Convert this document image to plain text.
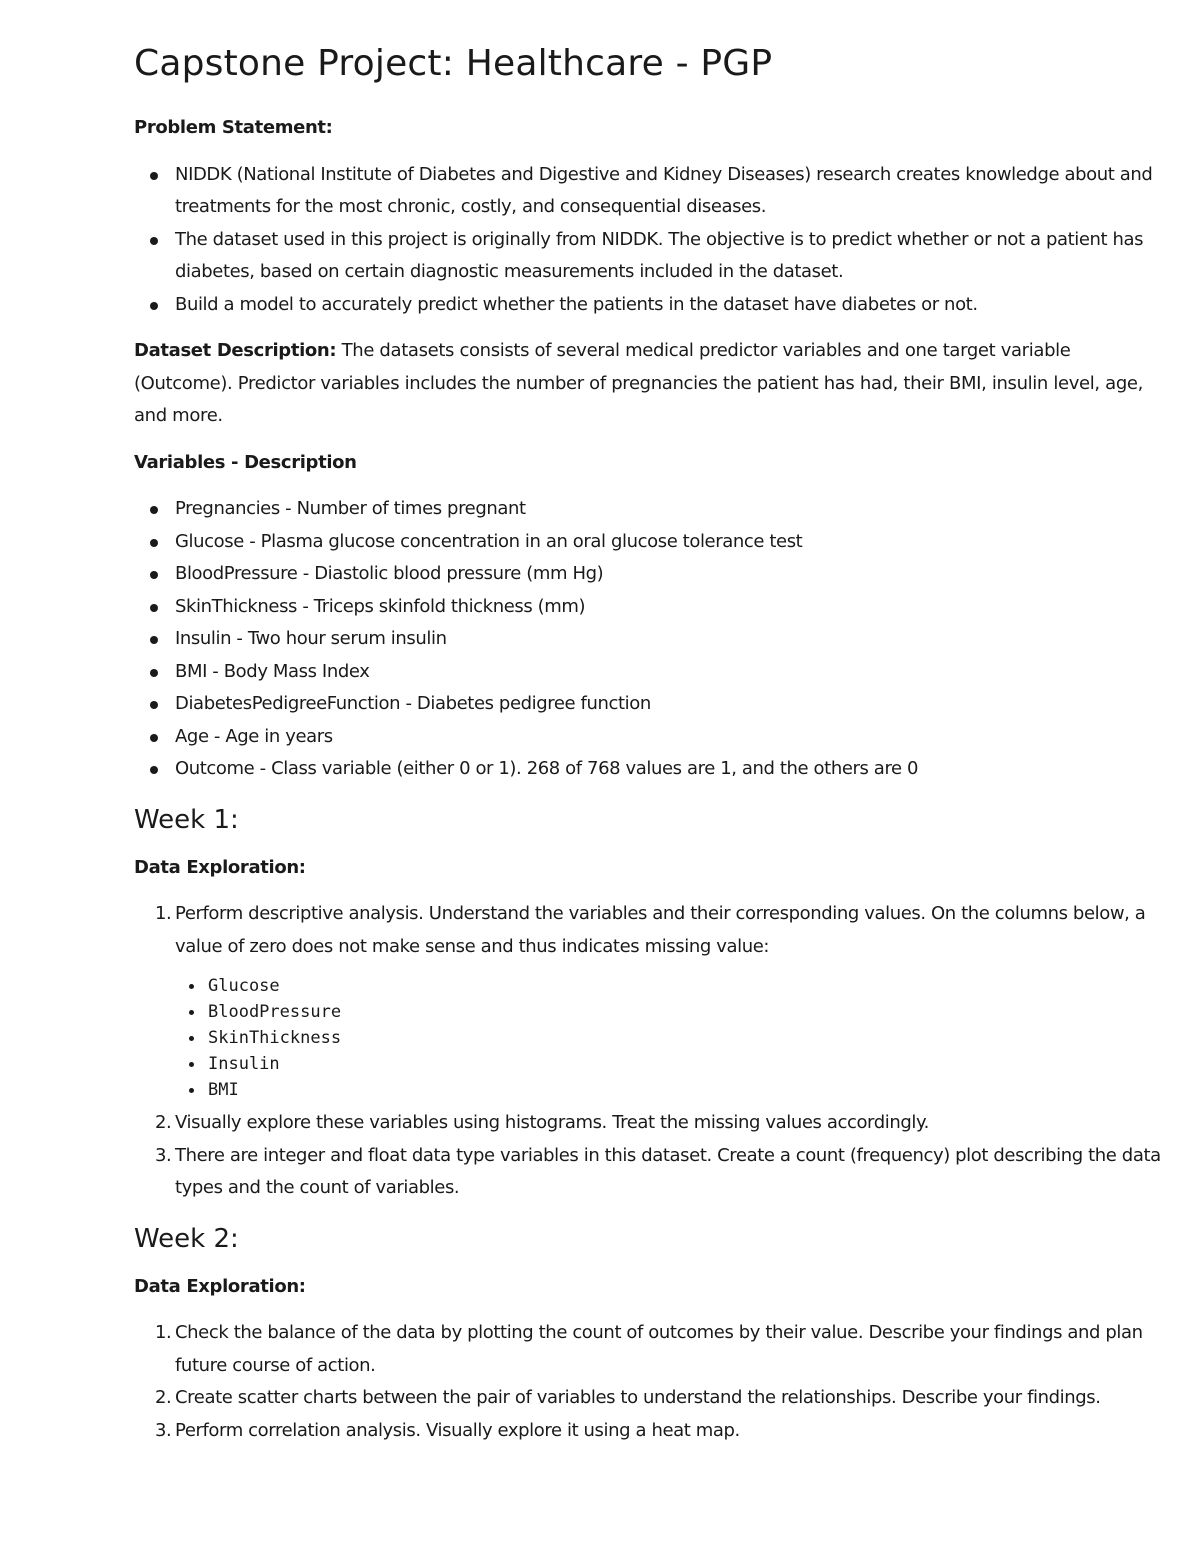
Capstone Project: Healthcare - PGP

Problem Statement:

NIDDK (National Institute of Diabetes and Digestive and Kidney Diseases) research creates knowledge about and treatments for the most chronic, costly, and consequential diseases.
The dataset used in this project is originally from NIDDK. The objective is to predict whether or not a patient has diabetes, based on certain diagnostic measurements included in the dataset.
Build a model to accurately predict whether the patients in the dataset have diabetes or not.

Dataset Description: The datasets consists of several medical predictor variables and one target variable (Outcome). Predictor variables includes the number of pregnancies the patient has had, their BMI, insulin level, age, and more.

Variables - Description

Pregnancies - Number of times pregnant
Glucose - Plasma glucose concentration in an oral glucose tolerance test
BloodPressure - Diastolic blood pressure (mm Hg)
SkinThickness - Triceps skinfold thickness (mm)
Insulin - Two hour serum insulin
BMI - Body Mass Index
DiabetesPedigreeFunction - Diabetes pedigree function
Age - Age in years
Outcome - Class variable (either 0 or 1). 268 of 768 values are 1, and the others are 0
Week 1:

Data Exploration:

1. Perform descriptive analysis. Understand the variables and their corresponding values. On the columns below, a value of zero does not make sense and thus indicates missing value:
Glucose
BloodPressure
SkinThickness
Insulin
BMI
2. Visually explore these variables using histograms. Treat the missing values accordingly.
3. There are integer and float data type variables in this dataset. Create a count (frequency) plot describing the data types and the count of variables.
Week 2:

Data Exploration:

1. Check the balance of the data by plotting the count of outcomes by their value. Describe your findings and plan future course of action.
2. Create scatter charts between the pair of variables to understand the relationships. Describe your findings.
3. Perform correlation analysis. Visually explore it using a heat map.
